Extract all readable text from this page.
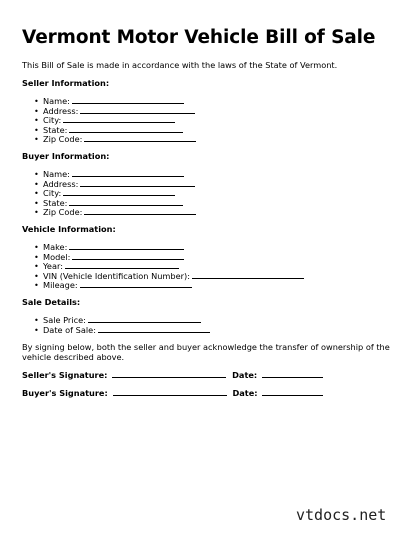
Vermont Motor Vehicle Bill of Sale

This Bill of Sale is made in accordance with the laws of the State of Vermont.

Seller Information:
• Name:
• Address:
• City:
• State:
• Zip Code:
Buyer Information:
• Name:
• Address:
• City:
• State:
• Zip Code:
Vehicle Information:
• Make:
• Model:
• Year:
• VIN (Vehicle Identification Number):
• Mileage:
Sale Details:
• Sale Price:
• Date of Sale:

By signing below, both the seller and buyer acknowledge the transfer of ownership of the vehicle described above.

Seller's Signature:	Date:
Buyer's Signature:	Date:
vtdocs.net
